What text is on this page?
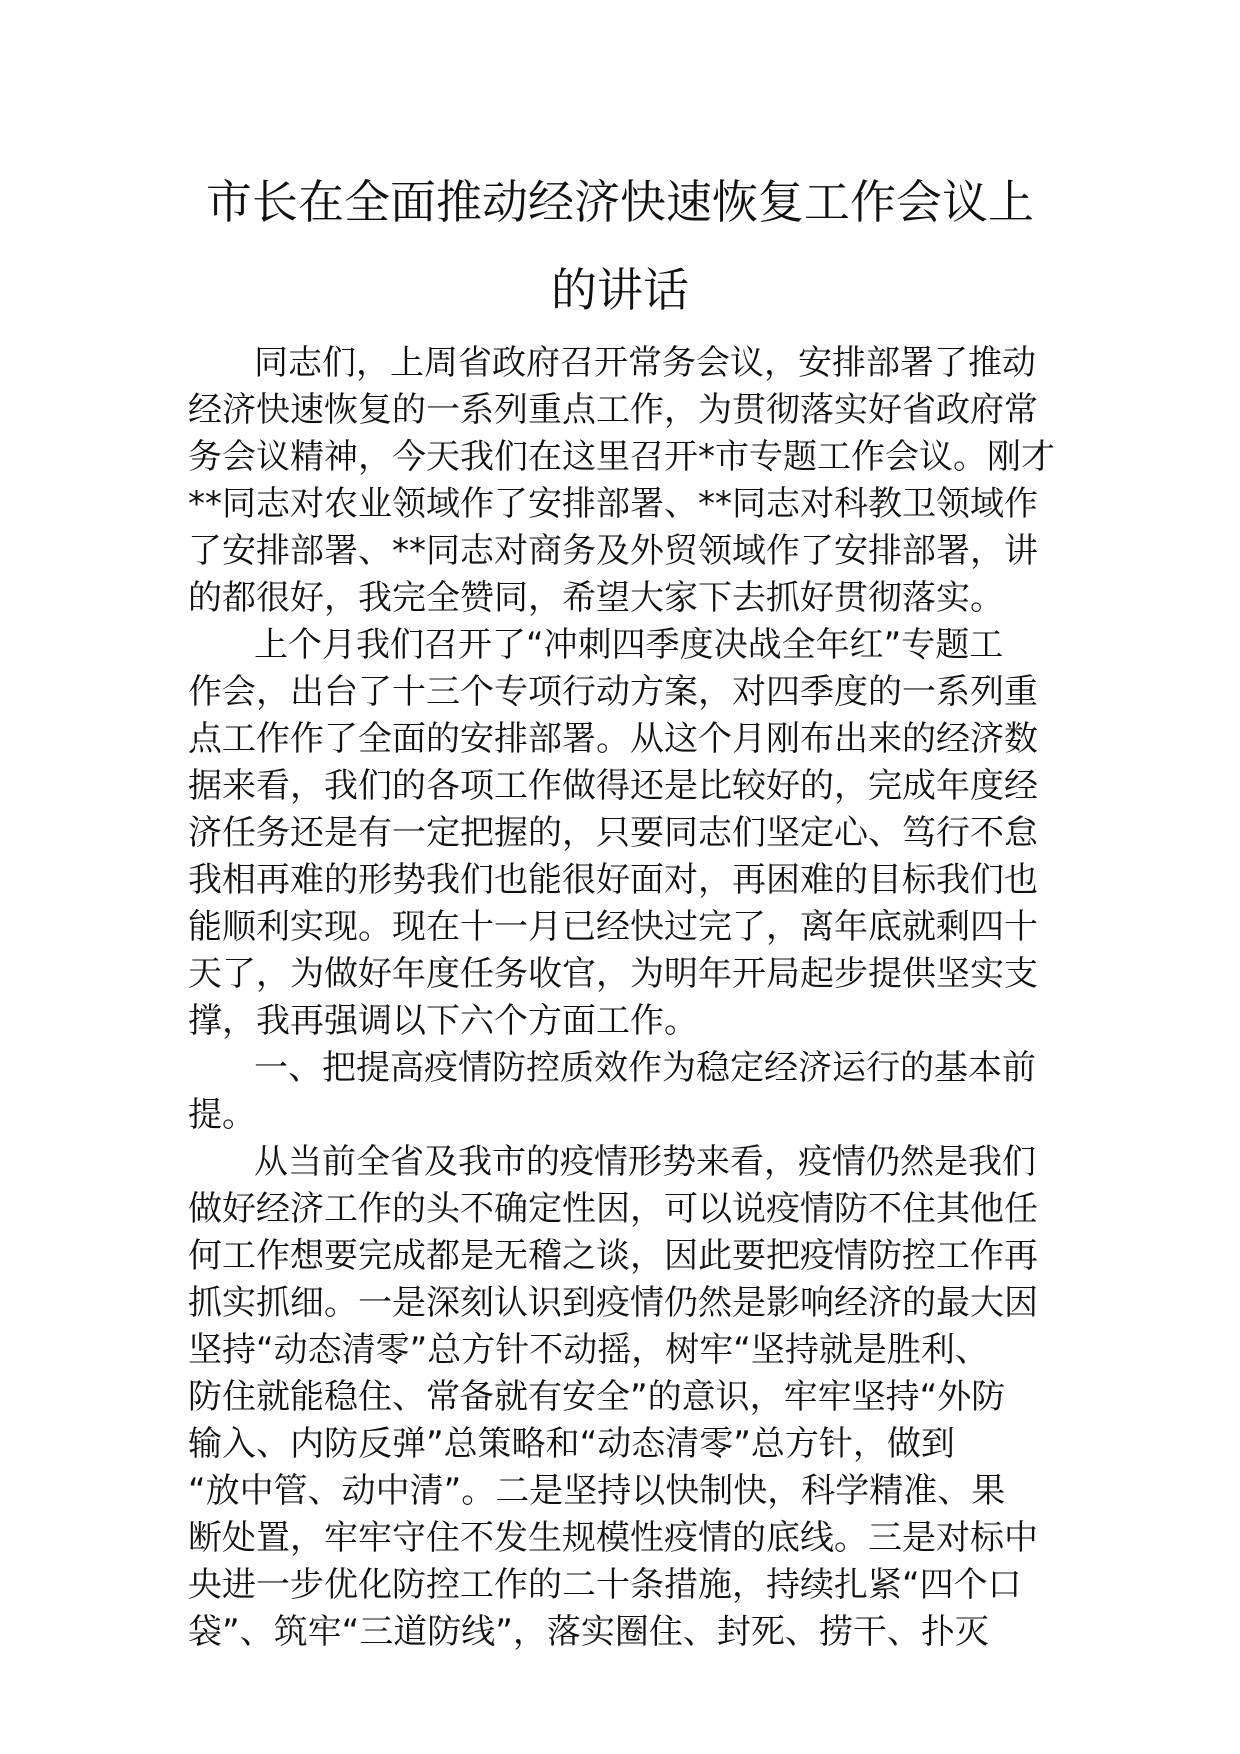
市长在全面推动经济快速恢复工作会议上
的讲话
同志们，上周省政府召开常务会议，安排部署了推动
经济快速恢复的一系列重点工作，为贯彻落实好省政府常
务会议精神，今天我们在这里召开*市专题工作会议。刚才
**同志对农业领域作了安排部署、**同志对科教卫领域作
了安排部署、**同志对商务及外贸领域作了安排部署，讲
的都很好，我完全赞同，希望大家下去抓好贯彻落实。
上个月我们召开了“冲刺四季度决战全年红”专题工
作会，出台了十三个专项行动方案，对四季度的一系列重
点工作作了全面的安排部署。从这个月刚布出来的经济数
据来看，我们的各项工作做得还是比较好的，完成年度经
济任务还是有一定把握的，只要同志们坚定心、笃行不怠
我相再难的形势我们也能很好面对，再困难的目标我们也
能顺利实现。现在十一月已经快过完了，离年底就剩四十
天了，为做好年度任务收官，为明年开局起步提供坚实支
撑，我再强调以下六个方面工作。
一、把提高疫情防控质效作为稳定经济运行的基本前
提。
从当前全省及我市的疫情形势来看，疫情仍然是我们
做好经济工作的头不确定性因，可以说疫情防不住其他任
何工作想要完成都是无稽之谈，因此要把疫情防控工作再
抓实抓细。一是深刻认识到疫情仍然是影响经济的最大因
坚持“动态清零”总方针不动摇，树牢“坚持就是胜利、
防住就能稳住、常备就有安全”的意识，牢牢坚持“外防
输入、内防反弹”总策略和“动态清零”总方针，做到
“放中管、动中清”。二是坚持以快制快，科学精准、果
断处置，牢牢守住不发生规模性疫情的底线。三是对标中
央进一步优化防控工作的二十条措施，持续扎紧“四个口
袋”、筑牢“三道防线”，落实圈住、封死、捞干、扑灭
